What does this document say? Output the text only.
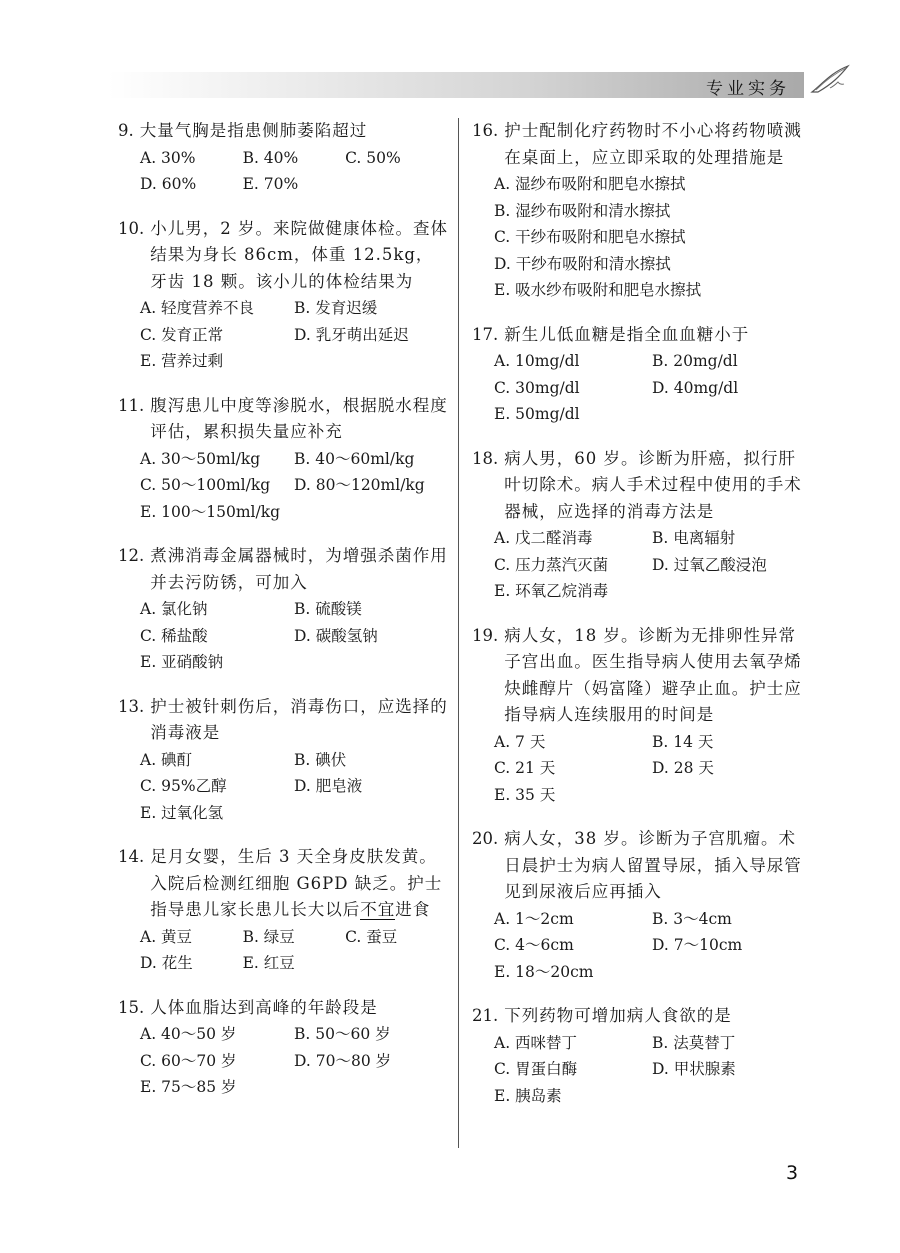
专业实务
9. 大量气胸是指患侧肺萎陷超过
A. 30%	B. 40%	C. 50%
D. 60%	E. 70%
10. 小儿男，2 岁。来院做健康体检。查体结果为身长 86cm，体重 12.5kg，牙齿 18 颗。该小儿的体检结果为
A. 轻度营养不良	B. 发育迟缓
C. 发育正常	D. 乳牙萌出延迟
E. 营养过剩
11. 腹泻患儿中度等渗脱水，根据脱水程度评估，累积损失量应补充
A. 30～50ml/kg	B. 40～60ml/kg
C. 50～100ml/kg	D. 80～120ml/kg
E. 100～150ml/kg
12. 煮沸消毒金属器械时，为增强杀菌作用并去污防锈，可加入
A. 氯化钠	B. 硫酸镁
C. 稀盐酸	D. 碳酸氢钠
E. 亚硝酸钠
13. 护士被针刺伤后，消毒伤口，应选择的消毒液是
A. 碘酊	B. 碘伏
C. 95%乙醇	D. 肥皂液
E. 过氧化氢
14. 足月女婴，生后 3 天全身皮肤发黄。入院后检测红细胞 G6PD 缺乏。护士指导患儿家长患儿长大以后不宜进食
A. 黄豆	B. 绿豆	C. 蚕豆
D. 花生	E. 红豆
15. 人体血脂达到高峰的年龄段是
A. 40～50 岁	B. 50～60 岁
C. 60～70 岁	D. 70～80 岁
E. 75～85 岁
16. 护士配制化疗药物时不小心将药物喷溅在桌面上，应立即采取的处理措施是
A. 湿纱布吸附和肥皂水擦拭
B. 湿纱布吸附和清水擦拭
C. 干纱布吸附和肥皂水擦拭
D. 干纱布吸附和清水擦拭
E. 吸水纱布吸附和肥皂水擦拭
17. 新生儿低血糖是指全血血糖小于
A. 10mg/dl	B. 20mg/dl
C. 30mg/dl	D. 40mg/dl
E. 50mg/dl
18. 病人男，60 岁。诊断为肝癌，拟行肝叶切除术。病人手术过程中使用的手术器械，应选择的消毒方法是
A. 戊二醛消毒	B. 电离辐射
C. 压力蒸汽灭菌	D. 过氧乙酸浸泡
E. 环氧乙烷消毒
19. 病人女，18 岁。诊断为无排卵性异常子宫出血。医生指导病人使用去氧孕烯炔雌醇片（妈富隆）避孕止血。护士应指导病人连续服用的时间是
A. 7 天	B. 14 天
C. 21 天	D. 28 天
E. 35 天
20. 病人女，38 岁。诊断为子宫肌瘤。术日晨护士为病人留置导尿，插入导尿管见到尿液后应再插入
A. 1～2cm	B. 3～4cm
C. 4～6cm	D. 7～10cm
E. 18～20cm
21. 下列药物可增加病人食欲的是
A. 西咪替丁	B. 法莫替丁
C. 胃蛋白酶	D. 甲状腺素
E. 胰岛素
3
